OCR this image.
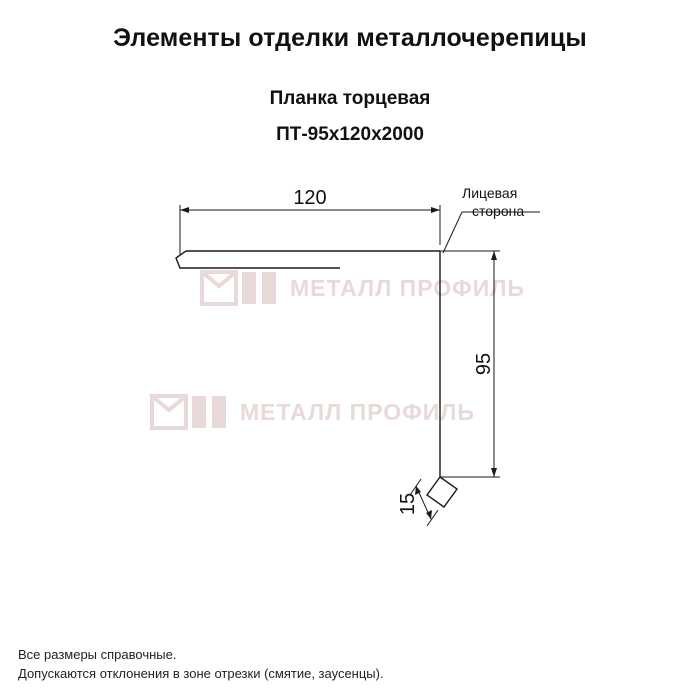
Элементы отделки металлочерепицы
Планка торцевая
ПТ-95х120х2000
МЕТАЛЛ ПРОФИЛЬ
МЕТАЛЛ ПРОФИЛЬ
120	Лицевая
сторона
95
15
Все размеры справочные.
Допускаются отклонения в зоне отрезки (смятие, заусенцы).
